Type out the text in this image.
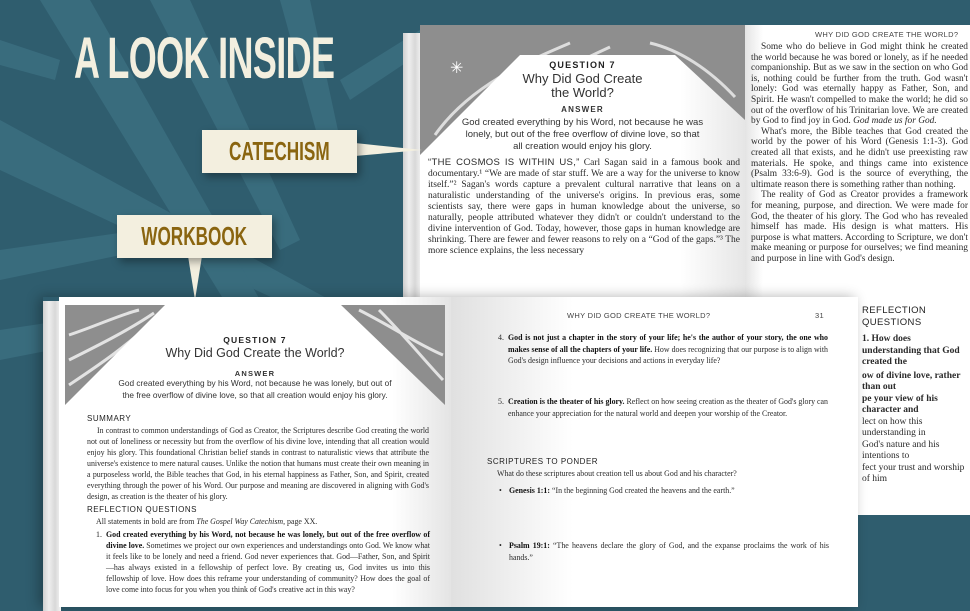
A LOOK INSIDE	✳	QUESTION 7
Why Did God Create
the World?
ANSWER
God created everything by his Word, not because he was lonely, but out of the free overflow of divine love, so that all creation would enjoy his glory.

“THE COSMOS IS WITHIN US,” Carl Sagan said in a famous book and documentary.¹ “We are made of star stuff. We are a way for the universe to know itself.”² Sagan's words capture a prevalent cultural narrative that leans on a naturalistic understanding of the universe's origins. In previous eras, some scientists say, there were gaps in human knowledge about the universe, so naturally, people attributed whatever they didn't or couldn't understand to the divine intervention of God. Today, however, those gaps in human knowledge are shrinking. There are fewer and fewer reasons to rely on a “God of the gaps.”³ The more science explains, the less necessary

WHY DID GOD CREATE THE WORLD?

Some who do believe in God might think he created the world because he was bored or lonely, as if he needed companionship. But as we saw in the section on who God is, nothing could be further from the truth. God wasn't lonely: God was eternally happy as Father, Son, and Spirit. He wasn't compelled to make the world; he did so out of the overflow of his Trinitarian love. We are created by God to find joy in God. God made us for God.

What's more, the Bible teaches that God created the world by the power of his Word (Genesis 1:1-3). God created all that exists, and he didn't use preexisting raw materials. He spoke, and things came into existence (Psalm 33:6-9). God is the source of everything, the ultimate reason there is something rather than nothing.

The reality of God as Creator provides a framework for meaning, purpose, and direction. We were made for God, the theater of his glory. The God who has revealed himself has made. His design is what matters. His purpose is what matters. According to Scripture, we don't make meaning or purpose for ourselves; we find meaning and purpose in line with God's design.

REFLECTION QUESTIONS
1. How does understanding that God created the
ow of divine love, rather than out
pe your view of his character and
lect on how this understanding in
God's nature and his intentions to
fect your trust and worship of him
CATECHISM
WORKBOOK
QUESTION 7
Why Did God Create the World?
ANSWER
God created everything by his Word, not because he was lonely, but out of
the free overflow of divine love, so that all creation would enjoy his glory.
SUMMARY

In contrast to common understandings of God as Creator, the Scriptures describe God creating the world not out of loneliness or necessity but from the overflow of his divine love, intending that all creation would enjoy his glory. This foundational Christian belief stands in contrast to naturalistic views that attribute the universe's existence to mere natural causes. Unlike the notion that humans must create their own meaning in a purposeless world, the Bible teaches that God, in his eternal happiness as Father, Son, and Spirit, created everything through the power of his Word. Our purpose and meaning are discovered in aligning with God's design, as creation is the theater of his glory.

REFLECTION QUESTIONS
All statements in bold are from The Gospel Way Catechism, page XX.
1. God created everything by his Word, not because he was lonely, but out of the free overflow of divine love. Sometimes we project our own experiences and understandings onto God. We know what it feels like to be lonely and need a friend. God never experiences that. God—Father, Son, and Spirit—has always existed in a fellowship of perfect love. By creating us, God invites us into this fellowship of love. How does this reframe your understanding of community? How does the goal of love come into focus for you when you think of God's creative act in this way?

WHY DID GOD CREATE THE WORLD?	31
4. God is not just a chapter in the story of your life; he's the author of your story, the one who makes sense of all the chapters of your life. How does recognizing that our purpose is to align with God's design influence your decisions and actions in everyday life?

5. Creation is the theater of his glory. Reflect on how seeing creation as the theater of God's glory can enhance your appreciation for the natural world and deepen your worship of the Creator.

SCRIPTURES TO PONDER
What do these scriptures about creation tell us about God and his character?
• Genesis 1:1: “In the beginning God created the heavens and the earth.”

• Psalm 19:1: “The heavens declare the glory of God, and the expanse proclaims the work of his hands.”
